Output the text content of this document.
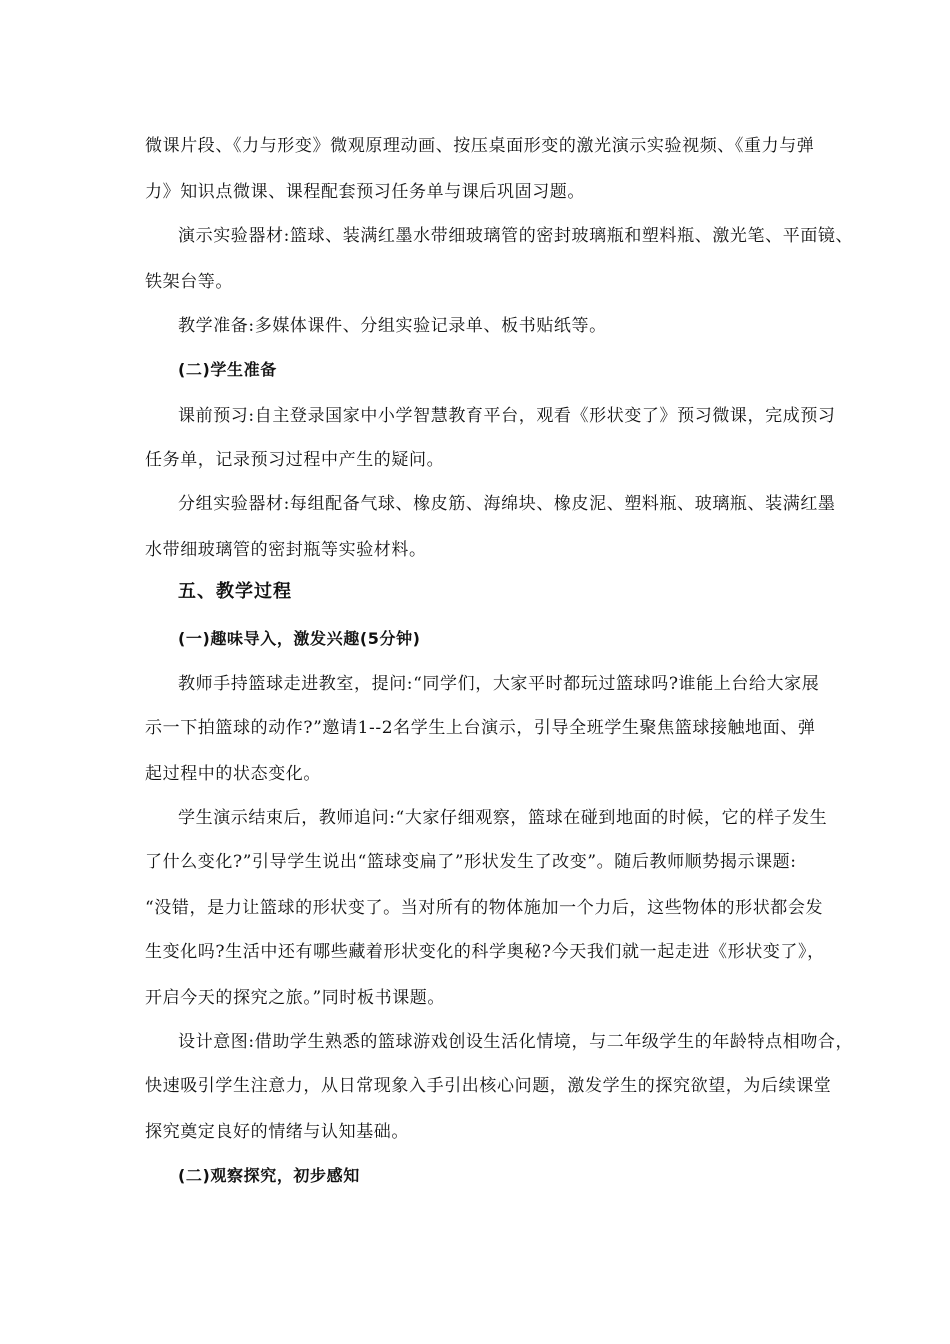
微课片段、《力与形变》微观原理动画、按压桌面形变的激光演示实验视频、《重力与弹
力》知识点微课、课程配套预习任务单与课后巩固习题。
演示实验器材:篮球、装满红墨水带细玻璃管的密封玻璃瓶和塑料瓶、激光笔、平面镜、
铁架台等。
教学准备:多媒体课件、分组实验记录单、板书贴纸等。
(二)学生准备
课前预习:自主登录国家中小学智慧教育平台，观看《形状变了》预习微课，完成预习
任务单，记录预习过程中产生的疑问。
分组实验器材:每组配备气球、橡皮筋、海绵块、橡皮泥、塑料瓶、玻璃瓶、装满红墨
水带细玻璃管的密封瓶等实验材料。
五、教学过程
(一)趣味导入，激发兴趣(5分钟)
教师手持篮球走进教室，提问:“同学们，大家平时都玩过篮球吗?谁能上台给大家展
示一下拍篮球的动作?”邀请1--2名学生上台演示，引导全班学生聚焦篮球接触地面、弹
起过程中的状态变化。
学生演示结束后，教师追问:“大家仔细观察，篮球在碰到地面的时候，它的样子发生
了什么变化?”引导学生说出“篮球变扁了”形状发生了改变”。随后教师顺势揭示课题:
“没错，是力让篮球的形状变了。当对所有的物体施加一个力后，这些物体的形状都会发
生变化吗?生活中还有哪些藏着形状变化的科学奥秘?今天我们就一起走进《形状变了》，
开启今天的探究之旅。”同时板书课题。
设计意图:借助学生熟悉的篮球游戏创设生活化情境，与二年级学生的年龄特点相吻合，
快速吸引学生注意力，从日常现象入手引出核心问题，激发学生的探究欲望，为后续课堂
探究奠定良好的情绪与认知基础。
(二)观察探究，初步感知
